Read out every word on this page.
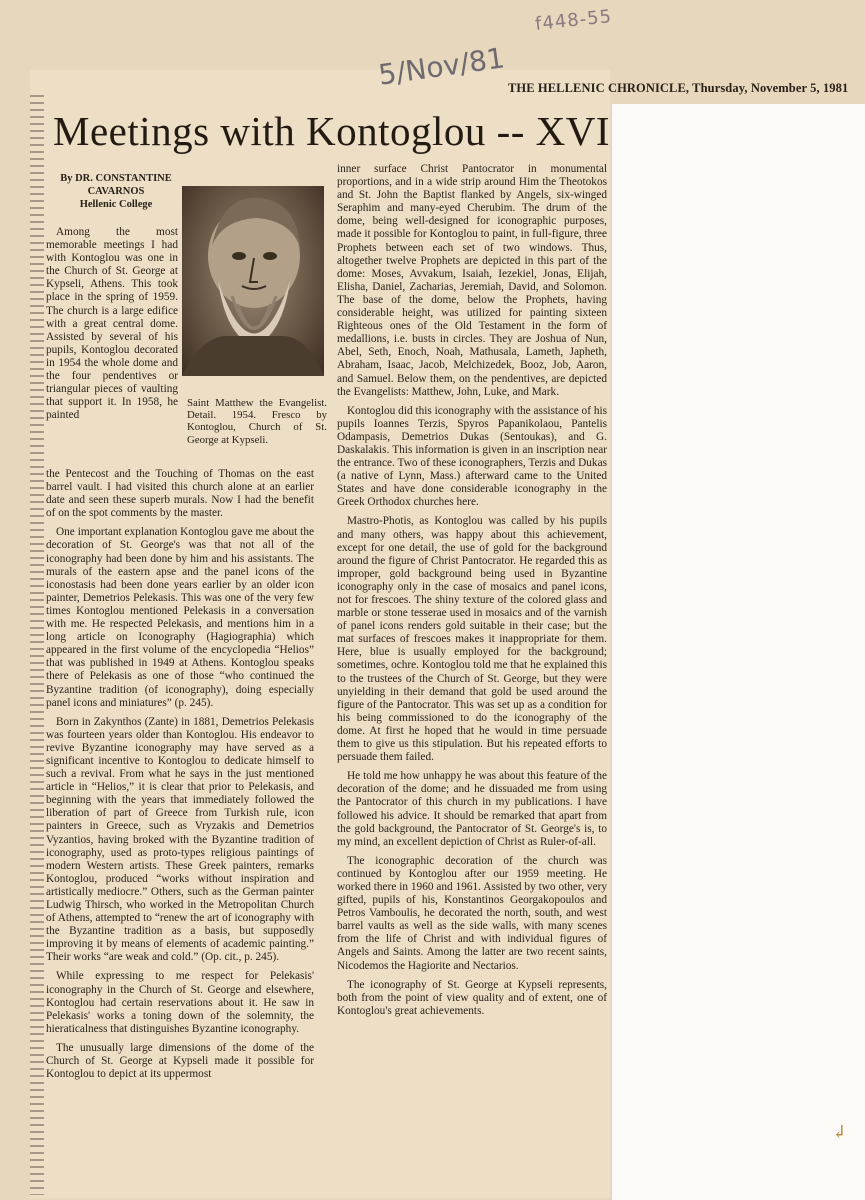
f448-55
5/Nov/81 THE HELLENIC CHRONICLE, Thursday, November 5, 1981
Meetings with Kontoglou -- XVI
By DR. CONSTANTINE CAVARNOS
Hellenic College
Saint Matthew the Evangelist. Detail. 1954. Fresco by Kontoglou, Church of St. George at Kypseli.

Among the most memorable meetings I had with Kontoglou was one in the Church of St. George at Kypseli, Athens. This took place in the spring of 1959. The church is a large edifice with a great central dome. Assisted by several of his pupils, Kontoglou decorated in 1954 the whole dome and the four pendentives or triangular pieces of vaulting that support it. In 1958, he painted

the Pentecost and the Touching of Thomas on the east barrel vault. I had visited this church alone at an earlier date and seen these superb murals. Now I had the benefit of on the spot comments by the master.

One important explanation Kontoglou gave me about the decoration of St. George's was that not all of the iconography had been done by him and his assistants. The murals of the eastern apse and the panel icons of the iconostasis had been done years earlier by an older icon painter, Demetrios Pelekasis. This was one of the very few times Kontoglou mentioned Pelekasis in a conversation with me. He respected Pelekasis, and mentions him in a long article on Iconography (Hagiographia) which appeared in the first volume of the encyclopedia “Helios” that was published in 1949 at Athens. Kontoglou speaks there of Pelekasis as one of those “who continued the Byzantine tradition (of iconography), doing especially panel icons and miniatures” (p. 245).

Born in Zakynthos (Zante) in 1881, Demetrios Pelekasis was fourteen years older than Kontoglou. His endeavor to revive Byzantine iconography may have served as a significant incentive to Kontoglou to dedicate himself to such a revival. From what he says in the just mentioned article in “Helios,” it is clear that prior to Pelekasis, and beginning with the years that immediately followed the liberation of part of Greece from Turkish rule, icon painters in Greece, such as Vryzakis and Demetrios Vyzantios, having broked with the Byzantine tradition of iconography, used as proto-types religious paintings of modern Western artists. These Greek painters, remarks Kontoglou, produced “works without inspiration and artistically mediocre.” Others, such as the German painter Ludwig Thirsch, who worked in the Metropolitan Church of Athens, attempted to “renew the art of iconography with the Byzantine tradition as a basis, but supposedly improving it by means of elements of academic painting.” Their works “are weak and cold.” (Op. cit., p. 245).

While expressing to me respect for Pelekasis' iconography in the Church of St. George and elsewhere, Kontoglou had certain reservations about it. He saw in Pelekasis' works a toning down of the solemnity, the hieraticalness that distinguishes Byzantine iconography.

The unusually large dimensions of the dome of the Church of St. George at Kypseli made it possible for Kontoglou to depict at its uppermost

inner surface Christ Pantocrator in monumental proportions, and in a wide strip around Him the Theotokos and St. John the Baptist flanked by Angels, six-winged Seraphim and many-eyed Cherubim. The drum of the dome, being well-designed for iconographic purposes, made it possible for Kontoglou to paint, in full-figure, three Prophets between each set of two windows. Thus, altogether twelve Prophets are depicted in this part of the dome: Moses, Avvakum, Isaiah, Iezekiel, Jonas, Elijah, Elisha, Daniel, Zacharias, Jeremiah, David, and Solomon. The base of the dome, below the Prophets, having considerable height, was utilized for painting sixteen Righteous ones of the Old Testament in the form of medallions, i.e. busts in circles. They are Joshua of Nun, Abel, Seth, Enoch, Noah, Mathusala, Lameth, Japheth, Abraham, Isaac, Jacob, Melchizedek, Booz, Job, Aaron, and Samuel. Below them, on the pendentives, are depicted the Evangelists: Matthew, John, Luke, and Mark.

Kontoglou did this iconography with the assistance of his pupils Ioannes Terzis, Spyros Papanikolaou, Pantelis Odampasis, Demetrios Dukas (Sentoukas), and G. Daskalakis. This information is given in an inscription near the entrance. Two of these iconographers, Terzis and Dukas (a native of Lynn, Mass.) afterward came to the United States and have done considerable iconography in the Greek Orthodox churches here.

Mastro-Photis, as Kontoglou was called by his pupils and many others, was happy about this achievement, except for one detail, the use of gold for the background around the figure of Christ Pantocrator. He regarded this as improper, gold background being used in Byzantine iconography only in the case of mosaics and panel icons, not for frescoes. The shiny texture of the colored glass and marble or stone tesserae used in mosaics and of the varnish of panel icons renders gold suitable in their case; but the mat surfaces of frescoes makes it inappropriate for them. Here, blue is usually employed for the background; sometimes, ochre. Kontoglou told me that he explained this to the trustees of the Church of St. George, but they were unyielding in their demand that gold be used around the figure of the Pantocrator. This was set up as a condition for his being commissioned to do the iconography of the dome. At first he hoped that he would in time persuade them to give us this stipulation. But his repeated efforts to persuade them failed.

He told me how unhappy he was about this feature of the decoration of the dome; and he dissuaded me from using the Pantocrator of this church in my publications. I have followed his advice. It should be remarked that apart from the gold background, the Pantocrator of St. George's is, to my mind, an excellent depiction of Christ as Ruler-of-all.

The iconographic decoration of the church was continued by Kontoglou after our 1959 meeting. He worked there in 1960 and 1961. Assisted by two other, very gifted, pupils of his, Konstantinos Georgakopoulos and Petros Vamboulis, he decorated the north, south, and west barrel vaults as well as the side walls, with many scenes from the life of Christ and with individual figures of Angels and Saints. Among the latter are two recent saints, Nicodemos the Hagiorite and Nectarios.

The iconography of St. George at Kypseli represents, both from the point of view quality and of extent, one of Kontoglou's great achievements.

↲
